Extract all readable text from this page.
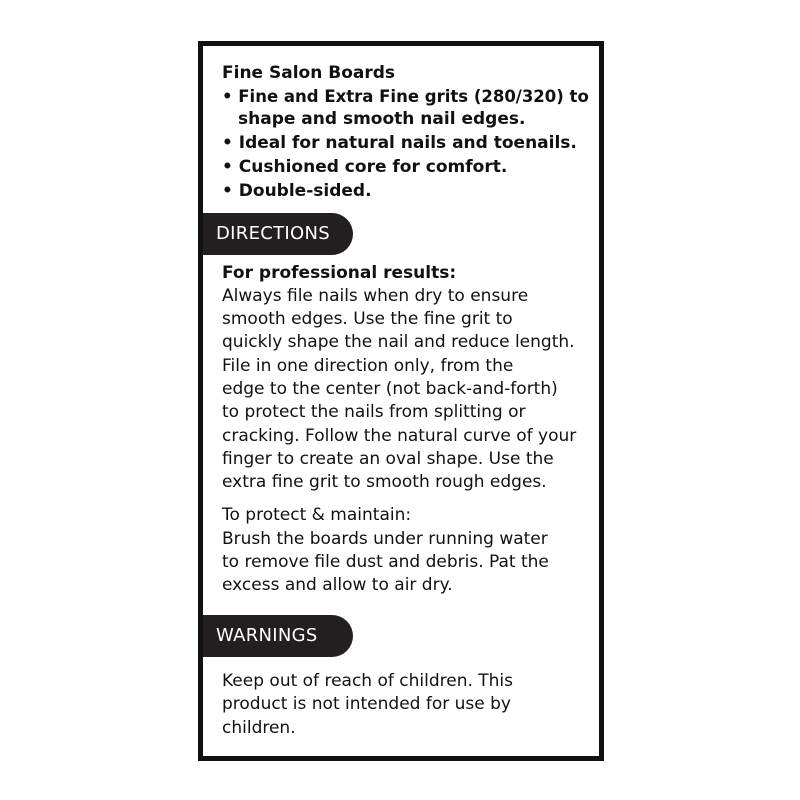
Fine Salon Boards
• Fine and Extra Fine grits (280/320) to
shape and smooth nail edges.
• Ideal for natural nails and toenails.
• Cushioned core for comfort.
• Double-sided.
DIRECTIONS
For professional results:
Always file nails when dry to ensure
smooth edges. Use the fine grit to
quickly shape the nail and reduce length.
File in one direction only, from the
edge to the center (not back-and-forth)
to protect the nails from splitting or
cracking. Follow the natural curve of your
finger to create an oval shape. Use the
extra fine grit to smooth rough edges.
To protect & maintain:
Brush the boards under running water
to remove file dust and debris. Pat the
excess and allow to air dry.
WARNINGS
Keep out of reach of children. This
product is not intended for use by
children.
